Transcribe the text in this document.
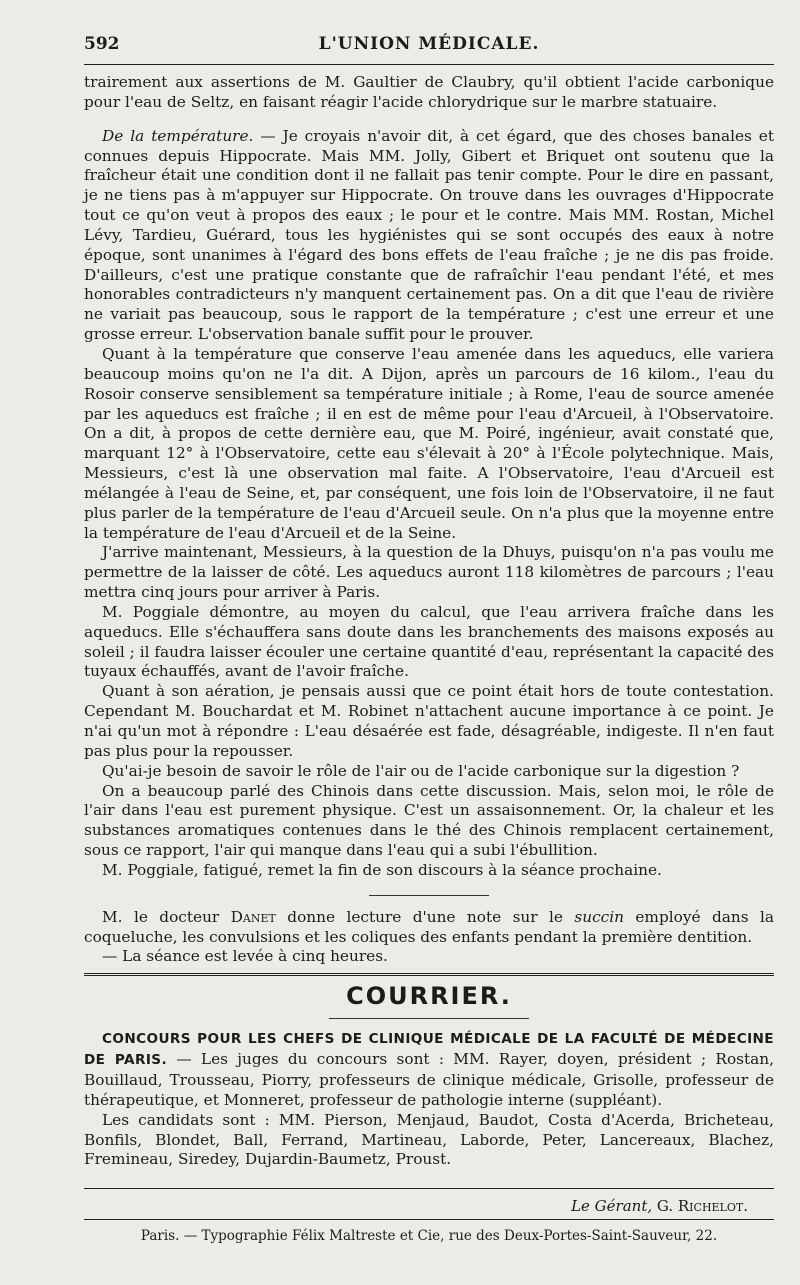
592	L'UNION MÉDICALE.

trairement aux assertions de M. Gaultier de Claubry, qu'il obtient l'acide carbonique pour l'eau de Seltz, en faisant réagir l'acide chlorydrique sur le marbre statuaire.

De la température. — Je croyais n'avoir dit, à cet égard, que des choses banales et connues depuis Hippocrate. Mais MM. Jolly, Gibert et Briquet ont soutenu que la fraîcheur était une condition dont il ne fallait pas tenir compte. Pour le dire en passant, je ne tiens pas à m'appuyer sur Hippocrate. On trouve dans les ouvrages d'Hippocrate tout ce qu'on veut à propos des eaux ; le pour et le contre. Mais MM. Rostan, Michel Lévy, Tardieu, Guérard, tous les hygiénistes qui se sont occupés des eaux à notre époque, sont unanimes à l'égard des bons effets de l'eau fraîche ; je ne dis pas froide. D'ailleurs, c'est une pratique constante que de rafraîchir l'eau pendant l'été, et mes honorables contradicteurs n'y manquent certainement pas. On a dit que l'eau de rivière ne variait pas beaucoup, sous le rapport de la température ; c'est une erreur et une grosse erreur. L'observation banale suffit pour le prouver.

Quant à la température que conserve l'eau amenée dans les aqueducs, elle variera beaucoup moins qu'on ne l'a dit. A Dijon, après un parcours de 16 kilom., l'eau du Rosoir conserve sensiblement sa température initiale ; à Rome, l'eau de source amenée par les aqueducs est fraîche ; il en est de même pour l'eau d'Arcueil, à l'Observatoire. On a dit, à propos de cette dernière eau, que M. Poiré, ingénieur, avait constaté que, marquant 12° à l'Observatoire, cette eau s'élevait à 20° à l'École polytechnique. Mais, Messieurs, c'est là une observation mal faite. A l'Observatoire, l'eau d'Arcueil est mélangée à l'eau de Seine, et, par conséquent, une fois loin de l'Observatoire, il ne faut plus parler de la température de l'eau d'Arcueil seule. On n'a plus que la moyenne entre la température de l'eau d'Arcueil et de la Seine.

J'arrive maintenant, Messieurs, à la question de la Dhuys, puisqu'on n'a pas voulu me permettre de la laisser de côté. Les aqueducs auront 118 kilomètres de parcours ; l'eau mettra cinq jours pour arriver à Paris.

M. Poggiale démontre, au moyen du calcul, que l'eau arrivera fraîche dans les aqueducs. Elle s'échauffera sans doute dans les branchements des maisons exposés au soleil ; il faudra laisser écouler une certaine quantité d'eau, représentant la capacité des tuyaux échauffés, avant de l'avoir fraîche.

Quant à son aération, je pensais aussi que ce point était hors de toute contestation. Cependant M. Bouchardat et M. Robinet n'attachent aucune importance à ce point. Je n'ai qu'un mot à répondre : L'eau désaérée est fade, désagréable, indigeste. Il n'en faut pas plus pour la repousser.

Qu'ai-je besoin de savoir le rôle de l'air ou de l'acide carbonique sur la digestion ?

On a beaucoup parlé des Chinois dans cette discussion. Mais, selon moi, le rôle de l'air dans l'eau est purement physique. C'est un assaisonnement. Or, la chaleur et les substances aromatiques contenues dans le thé des Chinois remplacent certainement, sous ce rapport, l'air qui manque dans l'eau qui a subi l'ébullition.

M. Poggiale, fatigué, remet la fin de son discours à la séance prochaine.

M. le docteur Danet donne lecture d'une note sur le succin employé dans la coqueluche, les convulsions et les coliques des enfants pendant la première dentition.

— La séance est levée à cinq heures.

COURRIER.

CONCOURS POUR LES CHEFS DE CLINIQUE MÉDICALE DE LA FACULTÉ DE MÉDECINE DE PARIS. — Les juges du concours sont : MM. Rayer, doyen, président ; Rostan, Bouillaud, Trousseau, Piorry, professeurs de clinique médicale, Grisolle, professeur de thérapeutique, et Monneret, professeur de pathologie interne (suppléant).

Les candidats sont : MM. Pierson, Menjaud, Baudot, Costa d'Acerda, Bricheteau, Bonfils, Blondet, Ball, Ferrand, Martineau, Laborde, Peter, Lancereaux, Blachez, Fremineau, Siredey, Dujardin-Baumetz, Proust.

Le Gérant, G. Richelot.
Paris. — Typographie Félix Maltreste et Cie, rue des Deux-Portes-Saint-Sauveur, 22.
